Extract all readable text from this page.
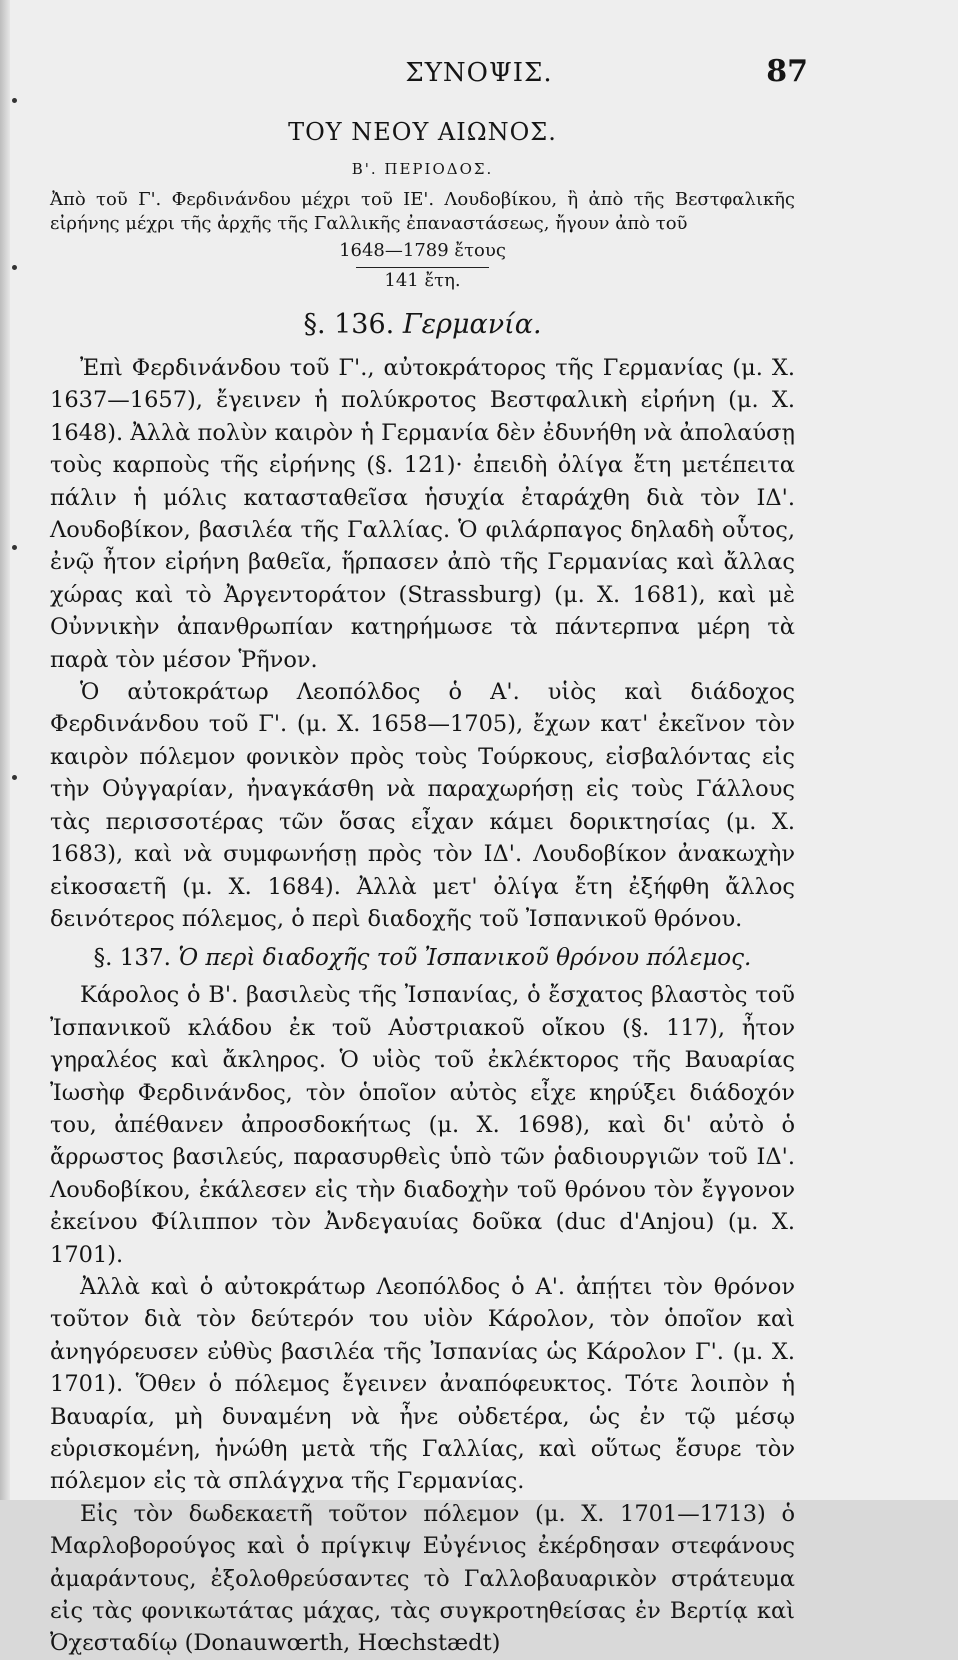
ΣΥΝΟΨΙΣ.	87
ΤΟΥ ΝΕΟΥ ΑΙΩΝΟΣ.
Β'. ΠΕΡΙΟΔΟΣ.

Ἀπὸ τοῦ Γ'. Φερδινάνδου μέχρι τοῦ ΙΕ'. Λουδοβίκου, ἢ ἀπὸ τῆς Βεστφαλικῆς εἰρήνης μέχρι τῆς ἀρχῆς τῆς Γαλλικῆς ἐπαναστάσεως, ἤγουν ἀπὸ τοῦ

1648—1789 ἔτους
141 ἔτη.
§. 136. Γερμανία.

Ἐπὶ Φερδινάνδου τοῦ Γ'., αὐτοκράτορος τῆς Γερμανίας (μ. Χ. 1637—1657), ἔγεινεν ἡ πολύκροτος Βεστφαλικὴ εἰρήνη (μ. Χ. 1648). Ἀλλὰ πολὺν καιρὸν ἡ Γερμανία δὲν ἐδυνήθη νὰ ἀπολαύσῃ τοὺς καρποὺς τῆς εἰρήνης (§. 121)· ἐπειδὴ ὀλίγα ἔτη μετέπειτα πάλιν ἡ μόλις κατασταθεῖσα ἡσυχία ἐταράχθη διὰ τὸν ΙΔ'. Λουδοβίκον, βασιλέα τῆς Γαλλίας. Ὁ φιλάρπαγος δηλαδὴ οὗτος, ἐνῷ ἦτον εἰρήνη βαθεῖα, ἥρπασεν ἀπὸ τῆς Γερμανίας καὶ ἄλλας χώρας καὶ τὸ Ἀργεντοράτον (Strassburg) (μ. Χ. 1681), καὶ μὲ Οὐννικὴν ἀπανθρωπίαν κατηρήμωσε τὰ πάντερπνα μέρη τὰ παρὰ τὸν μέσον Ῥῆνον.

Ὁ αὐτοκράτωρ Λεοπόλδος ὁ Α'. υἱὸς καὶ διάδοχος Φερδινάνδου τοῦ Γ'. (μ. Χ. 1658—1705), ἔχων κατ' ἐκεῖνον τὸν καιρὸν πόλεμον φονικὸν πρὸς τοὺς Τούρκους, εἰσβαλόντας εἰς τὴν Οὐγγαρίαν, ἠναγκάσθη νὰ παραχωρήσῃ εἰς τοὺς Γάλλους τὰς περισσοτέρας τῶν ὅσας εἶχαν κάμει δορικτησίας (μ. Χ. 1683), καὶ νὰ συμφωνήσῃ πρὸς τὸν ΙΔ'. Λουδοβίκον ἀνακωχὴν εἰκοσαετῆ (μ. Χ. 1684). Ἀλλὰ μετ' ὀλίγα ἔτη ἐξήφθη ἄλλος δεινότερος πόλεμος, ὁ περὶ διαδοχῆς τοῦ Ἰσπανικοῦ θρόνου.

§. 137. Ὁ περὶ διαδοχῆς τοῦ Ἰσπανικοῦ θρόνου πόλεμος.

Κάρολος ὁ Β'. βασιλεὺς τῆς Ἰσπανίας, ὁ ἔσχατος βλαστὸς τοῦ Ἰσπανικοῦ κλάδου ἐκ τοῦ Αὐστριακοῦ οἴκου (§. 117), ἦτον γηραλέος καὶ ἄκληρος. Ὁ υἱὸς τοῦ ἐκλέκτορος τῆς Βαυαρίας Ἰωσὴφ Φερδινάνδος, τὸν ὁποῖον αὐτὸς εἶχε κηρύξει διάδοχόν του, ἀπέθανεν ἀπροσδοκήτως (μ. Χ. 1698), καὶ δι' αὐτὸ ὁ ἄρρωστος βασιλεύς, παρασυρθεὶς ὑπὸ τῶν ῥαδιουργιῶν τοῦ ΙΔ'. Λουδοβίκου, ἐκάλεσεν εἰς τὴν διαδοχὴν τοῦ θρόνου τὸν ἔγγονον ἐκείνου Φίλιππον τὸν Ἀνδεγαυίας δοῦκα (duc d'Anjou) (μ. Χ. 1701).

Ἀλλὰ καὶ ὁ αὐτοκράτωρ Λεοπόλδος ὁ Α'. ἀπῄτει τὸν θρόνον τοῦτον διὰ τὸν δεύτερόν του υἱὸν Κάρολον, τὸν ὁποῖον καὶ ἀνηγόρευσεν εὐθὺς βασιλέα τῆς Ἰσπανίας ὡς Κάρολον Γ'. (μ. Χ. 1701). Ὅθεν ὁ πόλεμος ἔγεινεν ἀναπόφευκτος. Τότε λοιπὸν ἡ Βαυαρία, μὴ δυναμένη νὰ ἦνε οὐδετέρα, ὡς ἐν τῷ μέσῳ εὑρισκομένη, ἡνώθη μετὰ τῆς Γαλλίας, καὶ οὕτως ἔσυρε τὸν πόλεμον εἰς τὰ σπλάγχνα τῆς Γερμανίας.

Εἰς τὸν δωδεκαετῆ τοῦτον πόλεμον (μ. Χ. 1701—1713) ὁ Μαρλοβορούγος καὶ ὁ πρίγκιψ Εὐγένιος ἐκέρδησαν στεφάνους ἀμαράντους, ἐξολοθρεύσαντες τὸ Γαλλοβαυαρικὸν στράτευμα εἰς τὰς φονικωτάτας μάχας, τὰς συγκροτηθείσας ἐν Βερτίᾳ καὶ Ὀχεσταδίῳ (Donauwœrth, Hœchstædt)
